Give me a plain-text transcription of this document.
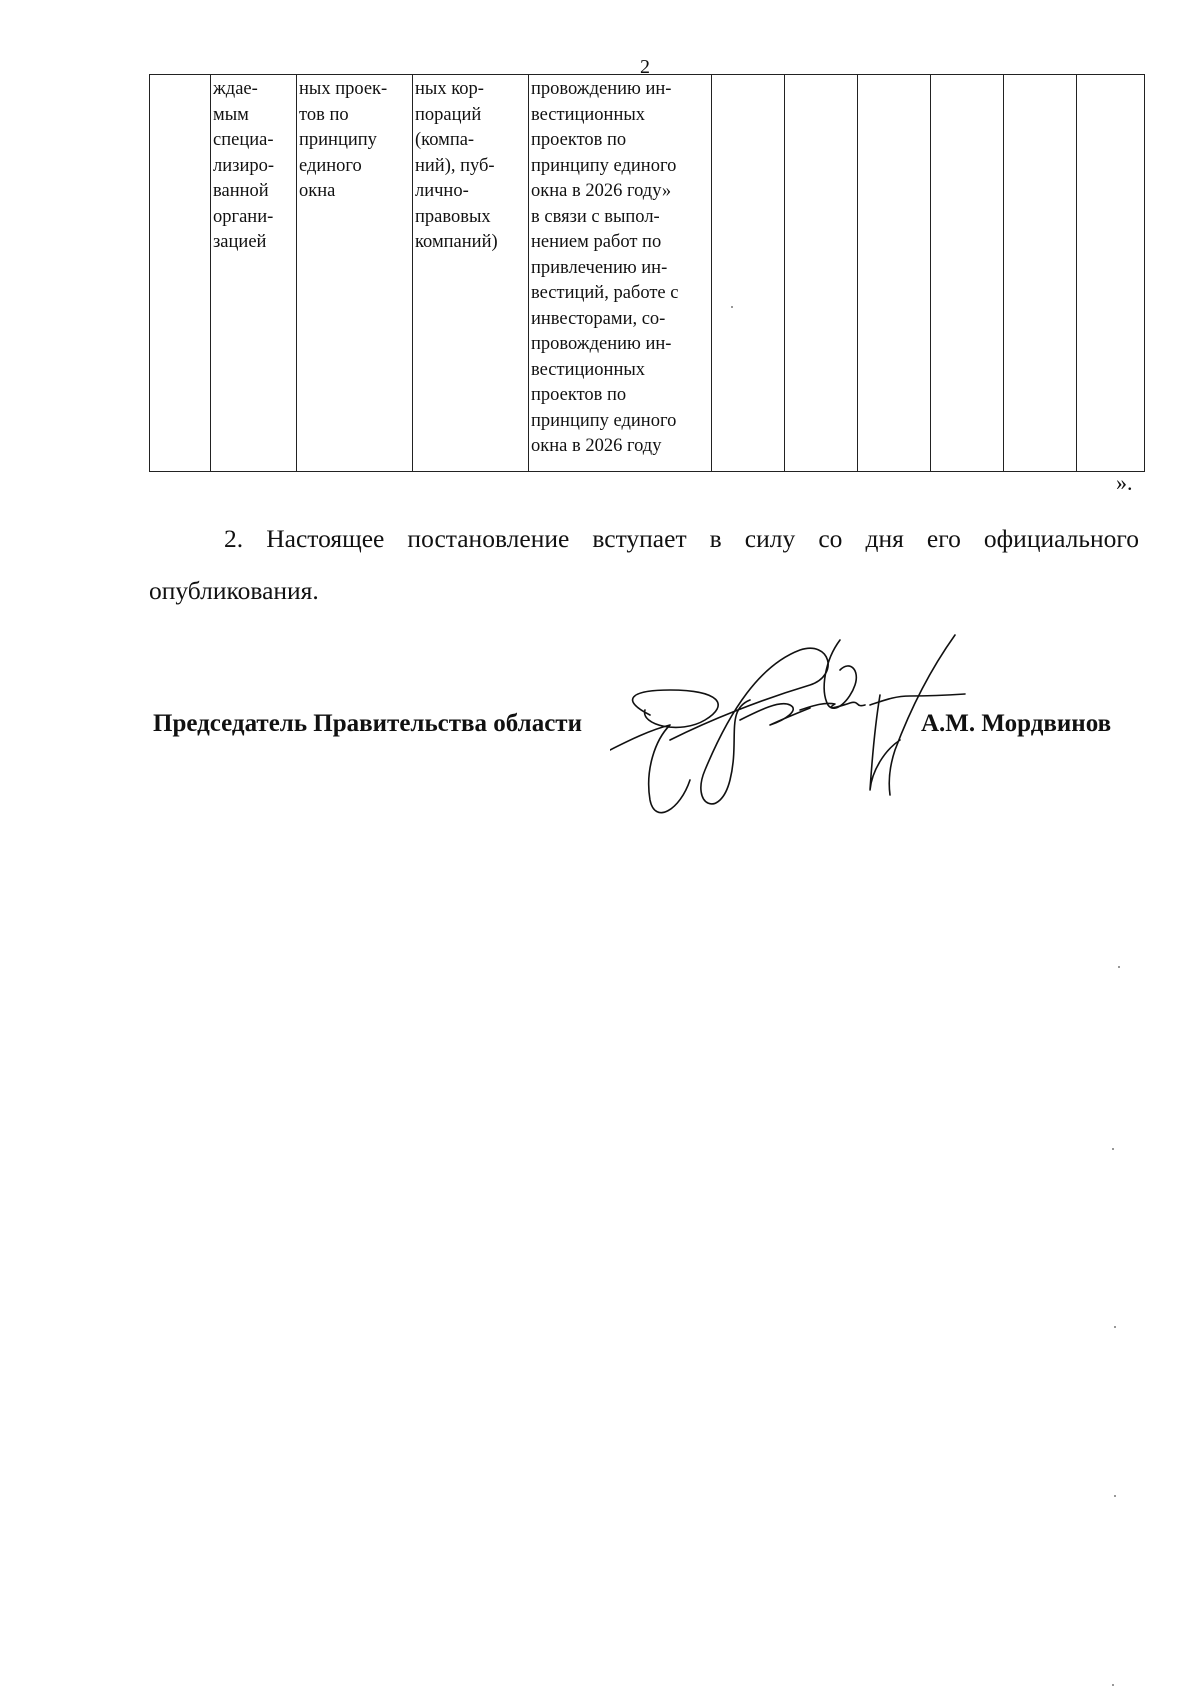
2
	ждае-
мым
специа-
лизиро-
ванной
органи-
зацией	ных проек-
тов по
принципу
единого
окна	ных кор-
пораций
(компа-
ний), пуб-
лично-
правовых
компаний)	провождению ин-
вестиционных
проектов по
принципу единого
окна в 2026 году»
в связи с выпол-
нением работ по
привлечению ин-
вестиций, работе с
инвесторами, со-
провождению ин-
вестиционных
проектов по
принципу единого
окна в 2026 году						
».
2. Настоящее постановление вступает в силу со дня его официального опубликования.
Председатель Правительства области	А.М. Мордвинов
